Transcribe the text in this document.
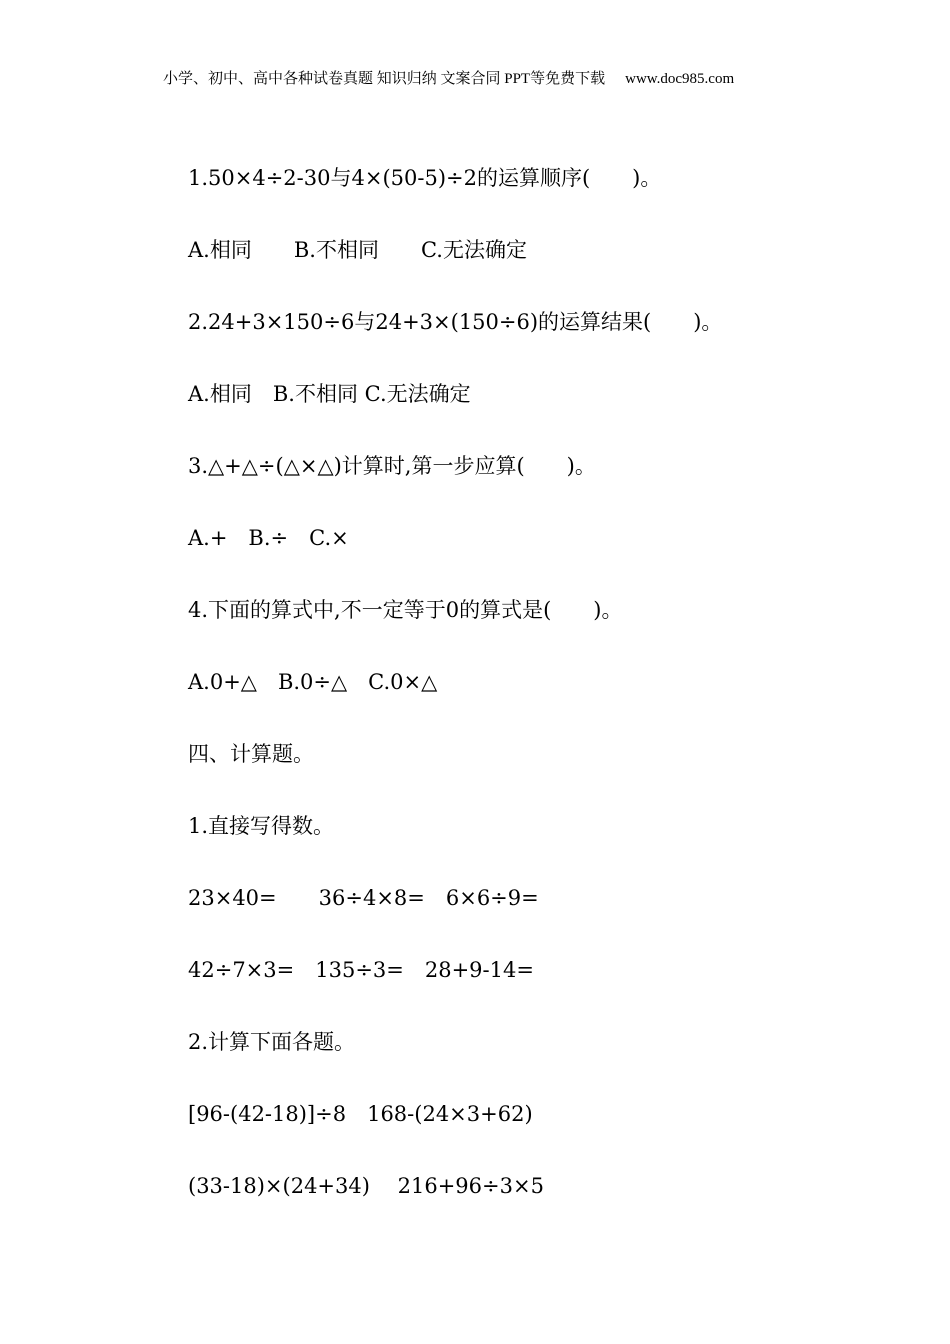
小学、初中、高中各种试卷真题 知识归纳 文案合同 PPT等免费下载 www.doc985.com
1.50×4÷2-30与4×(50-5)÷2的运算顺序(　　)。
A.相同　　B.不相同　　C.无法确定
2.24+3×150÷6与24+3×(150÷6)的运算结果(　　)。
A.相同　B.不相同 C.无法确定
3.△+△÷(△×△)计算时,第一步应算(　　)。
A.+　B.÷　C.×
4.下面的算式中,不一定等于0的算式是(　　)。
A.0+△　B.0÷△　C.0×△
四、计算题。
1.直接写得数。
23×40=　　36÷4×8=　6×6÷9=
42÷7×3=　135÷3=　28+9-14=
2.计算下面各题。
[96-(42-18)]÷8　168-(24×3+62)
(33-18)×(24+34)　 216+96÷3×5
